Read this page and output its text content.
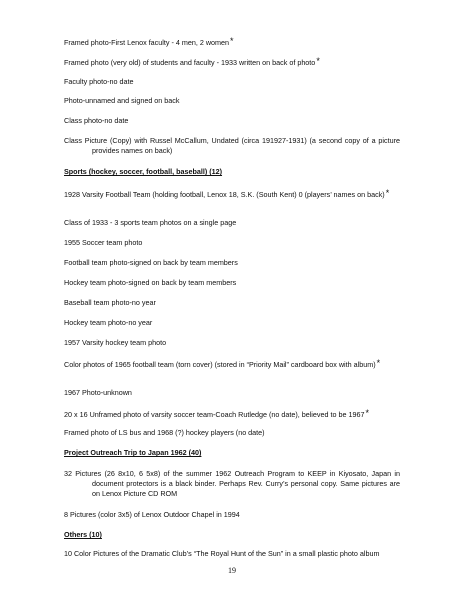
Framed photo-First Lenox faculty - 4 men, 2 women*

Framed photo (very old) of students and faculty - 1933 written on back of photo*

Faculty photo-no date

Photo-unnamed and signed on back

Class photo-no date

Class Picture (Copy) with Russel McCallum, Undated (circa 191927-1931) (a second copy of a picture provides names on back)

Sports (hockey, soccer, football, baseball) (12)

1928 Varsity Football Team (holding football, Lenox 18, S.K. (South Kent) 0 (players’ names on back)*

Class of 1933 - 3 sports team photos on a single page

1955 Soccer team photo

Football team photo-signed on back by team members

Hockey team photo-signed on back by team members

Baseball team photo-no year

Hockey team photo-no year

1957 Varsity hockey team photo

Color photos of 1965 football team (torn cover) (stored in “Priority Mail” cardboard box with album)*

1967 Photo-unknown

20 x 16 Unframed photo of varsity soccer team-Coach Rutledge (no date), believed to be 1967*

Framed photo of LS bus and 1968 (?) hockey players (no date)

Project Outreach Trip to Japan 1962 (40)

32 Pictures (26 8x10, 6 5x8) of the summer 1962 Outreach Program to KEEP in Kiyosato, Japan in document protectors is a black binder. Perhaps Rev. Curry’s personal copy. Same pictures are on Lenox Picture CD ROM

8 Pictures (color 3x5) of Lenox Outdoor Chapel in 1994

Others (10)

10 Color Pictures of the Dramatic Club’s “The Royal Hunt of the Sun” in a small plastic photo album

19
